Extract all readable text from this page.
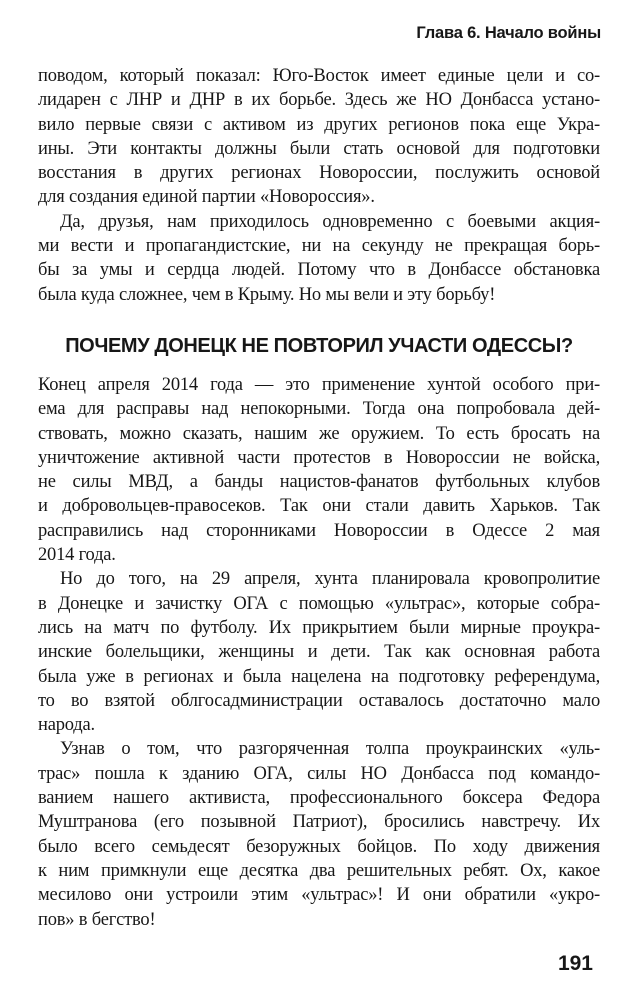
Глава 6. Начало войны
поводом, который показал: Юго-Восток имеет единые цели и со-
лидарен с ЛНР и ДНР в их борьбе. Здесь же НО Донбасса устано-
вило первые связи с активом из других регионов пока еще Укра-
ины. Эти контакты должны были стать основой для подготовки
восстания в других регионах Новороссии, послужить основой
для создания единой партии «Новороссия».
Да, друзья, нам приходилось одновременно с боевыми акция-
ми вести и пропагандистские, ни на секунду не прекращая борь-
бы за умы и сердца людей. Потому что в Донбассе обстановка
была куда сложнее, чем в Крыму. Но мы вели и эту борьбу!
ПОЧЕМУ ДОНЕЦК НЕ ПОВТОРИЛ УЧАСТИ ОДЕССЫ?
Конец апреля 2014 года — это применение хунтой особого при-
ема для расправы над непокорными. Тогда она попробовала дей-
ствовать, можно сказать, нашим же оружием. То есть бросать на
уничтожение активной части протестов в Новороссии не войска,
не силы МВД, а банды нацистов-фанатов футбольных клубов
и добровольцев-правосеков. Так они стали давить Харьков. Так
расправились над сторонниками Новороссии в Одессе 2 мая
2014 года.
Но до того, на 29 апреля, хунта планировала кровопролитие
в Донецке и зачистку ОГА с помощью «ультрас», которые собра-
лись на матч по футболу. Их прикрытием были мирные проукра-
инские болельщики, женщины и дети. Так как основная работа
была уже в регионах и была нацелена на подготовку референдума,
то во взятой облгосадминистрации оставалось достаточно мало
народа.
Узнав о том, что разгоряченная толпа проукраинских «уль-
трас» пошла к зданию ОГА, силы НО Донбасса под командо-
ванием нашего активиста, профессионального боксера Федора
Муштранова (его позывной Патриот), бросились навстречу. Их
было всего семьдесят безоружных бойцов. По ходу движения
к ним примкнули еще десятка два решительных ребят. Ох, какое
месилово они устроили этим «ультрас»! И они обратили «укро-
пов» в бегство!
191
